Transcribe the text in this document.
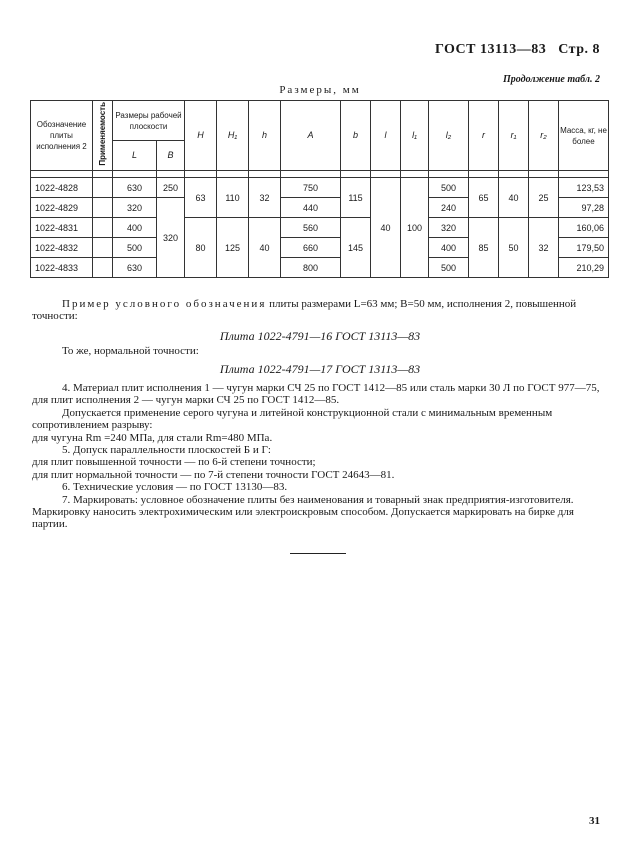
ГОСТ 13113—83 Стр. 8
Продолжение табл. 2
Размеры, мм
Обозначение плиты исполнения 2	Применяемость	Размеры рабочей плоскости		H	H₁	h	A	b	l	l₁	l₂	r	r₁	r₂	Масса, кг, не более
		L	B												

1022-4828		630	250	63	110	32	750	115	40	100	500	65	40	25	123,53
1022-4829		320	320				440				240				97,28
1022-4831		400		80	125	40	560	145			320	85	50	32	160,06
1022-4832		500					660				400				179,50
1022-4833		630					800				500				210,29

Пример условного обозначения плиты размерами L=63 мм; B=50 мм, исполнения 2, повышенной точности:

Плита 1022-4791—16 ГОСТ 13113—83
То же, нормальной точности:
Плита 1022-4791—17 ГОСТ 13113—83

4. Материал плит исполнения 1 — чугун марки СЧ 25 по ГОСТ 1412—85 или сталь марки 30 Л по ГОСТ 977—75, для плит исполнения 2 — чугун марки СЧ 25 по ГОСТ 1412—85.

Допускается применение серого чугуна и литейной конструкционной стали с минимальным временным сопротивлением разрыву:

для чугуна Rm =240 МПа, для стали Rm=480 МПа.

5. Допуск параллельности плоскостей Б и Г:

для плит повышенной точности — по 6-й степени точности;

для плит нормальной точности — по 7-й степени точности ГОСТ 24643—81.

6. Технические условия — по ГОСТ 13130—83.

7. Маркировать: условное обозначение плиты без наименования и товарный знак предприятия-изготовителя. Маркировку наносить электрохимическим или электроискровым способом. Допускается маркировать на бирке для партии.

31
